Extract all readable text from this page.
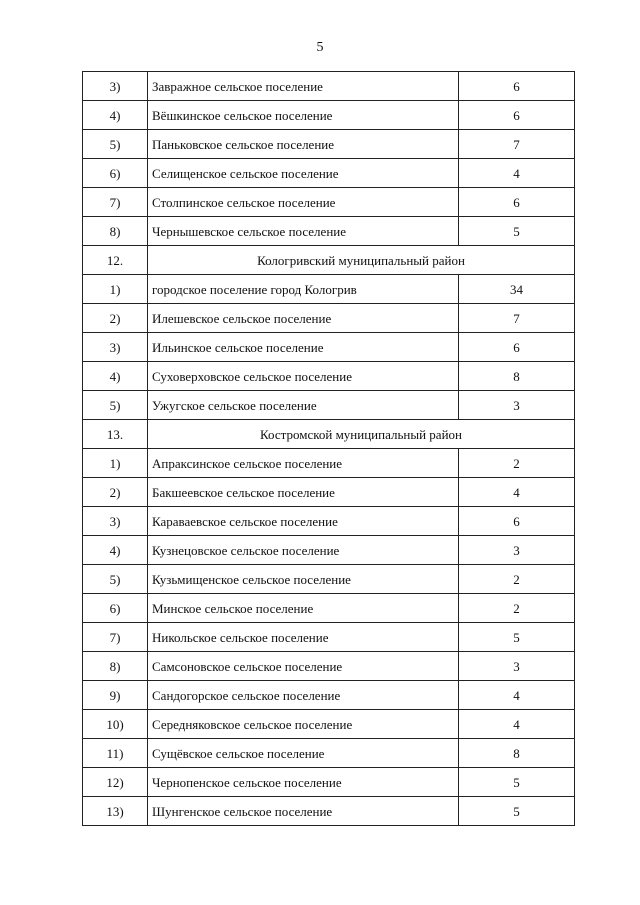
5
3)	Завражное сельское поселение	6
4)	Вёшкинское сельское поселение	6
5)	Паньковское сельское поселение	7
6)	Селищенское сельское поселение	4
7)	Столпинское сельское поселение	6
8)	Чернышевское сельское поселение	5
12.	Кологривский муниципальный район	
1)	городское поселение город Кологрив	34
2)	Илешевское сельское поселение	7
3)	Ильинское сельское поселение	6
4)	Суховерховское сельское поселение	8
5)	Ужугское сельское поселение	3
13.	Костромской муниципальный район	
1)	Апраксинское сельское поселение	2
2)	Бакшеевское сельское поселение	4
3)	Караваевское сельское поселение	6
4)	Кузнецовское сельское поселение	3
5)	Кузьмищенское сельское поселение	2
6)	Минское сельское поселение	2
7)	Никольское сельское поселение	5
8)	Самсоновское сельское поселение	3
9)	Сандогорское сельское поселение	4
10)	Середняковское сельское поселение	4
11)	Сущёвское сельское поселение	8
12)	Чернопенское сельское поселение	5
13)	Шунгенское сельское поселение	5
